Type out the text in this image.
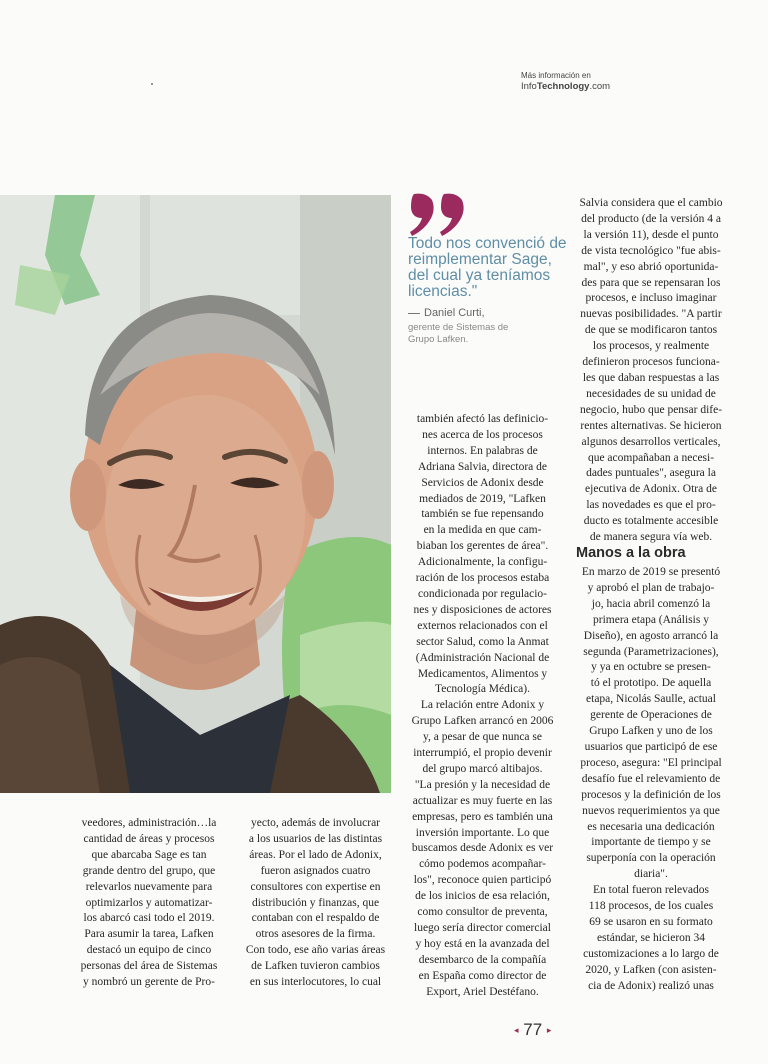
Más información en
InfoTechnology.com
Todo nos convenció de reimplementar Sage, del cual ya teníamos licencias."
Daniel Curti,
gerente de Sistemas de
Grupo Lafken.
veedores, administración…la
cantidad de áreas y procesos
que abarcaba Sage es tan
grande dentro del grupo, que
relevarlos nuevamente para
optimizarlos y automatizar-
los abarcó casi todo el 2019.
Para asumir la tarea, Lafken
destacó un equipo de cinco
personas del área de Sistemas
y nombró un gerente de Pro-
yecto, además de involucrar
a los usuarios de las distintas
áreas. Por el lado de Adonix,
fueron asignados cuatro
consultores con expertise en
distribución y finanzas, que
contaban con el respaldo de
otros asesores de la firma.
Con todo, ese año varias áreas
de Lafken tuvieron cambios
en sus interlocutores, lo cual
también afectó las definicio-
nes acerca de los procesos
internos. En palabras de
Adriana Salvia, directora de
Servicios de Adonix desde
mediados de 2019, "Lafken
también se fue repensando
en la medida en que cam-
biaban los gerentes de área".
Adicionalmente, la configu-
ración de los procesos estaba
condicionada por regulacio-
nes y disposiciones de actores
externos relacionados con el
sector Salud, como la Anmat
(Administración Nacional de
Medicamentos, Alimentos y
Tecnología Médica).
La relación entre Adonix y
Grupo Lafken arrancó en 2006
y, a pesar de que nunca se
interrumpió, el propio devenir
del grupo marcó altibajos.
"La presión y la necesidad de
actualizar es muy fuerte en las
empresas, pero es también una
inversión importante. Lo que
buscamos desde Adonix es ver
cómo podemos acompañar-
los", reconoce quien participó
de los inicios de esa relación,
como consultor de preventa,
luego sería director comercial
y hoy está en la avanzada del
desembarco de la compañía
en España como director de
Export, Ariel Destéfano.
Salvia considera que el cambio
del producto (de la versión 4 a
la versión 11), desde el punto
de vista tecnológico "fue abis-
mal", y eso abrió oportunida-
des para que se repensaran los
procesos, e incluso imaginar
nuevas posibilidades. "A partir
de que se modificaron tantos
los procesos, y realmente
definieron procesos funciona-
les que daban respuestas a las
necesidades de su unidad de
negocio, hubo que pensar dife-
rentes alternativas. Se hicieron
algunos desarrollos verticales,
que acompañaban a necesi-
dades puntuales", asegura la
ejecutiva de Adonix. Otra de
las novedades es que el pro-
ducto es totalmente accesible
de manera segura vía web.
Manos a la obra
En marzo de 2019 se presentó
y aprobó el plan de trabajo-
jo, hacia abril comenzó la
primera etapa (Análisis y
Diseño), en agosto arrancó la
segunda (Parametrizaciones),
y ya en octubre se presen-
tó el prototipo. De aquella
etapa, Nicolás Saulle, actual
gerente de Operaciones de
Grupo Lafken y uno de los
usuarios que participó de ese
proceso, asegura: "El principal
desafío fue el relevamiento de
procesos y la definición de los
nuevos requerimientos ya que
es necesaria una dedicación
importante de tiempo y se
superponía con la operación
diaria".
En total fueron relevados
118 procesos, de los cuales
69 se usaron en su formato
estándar, se hicieron 34
customizaciones a lo largo de
2020, y Lafken (con asisten-
cia de Adonix) realizó unas
◂ 77 ▸
